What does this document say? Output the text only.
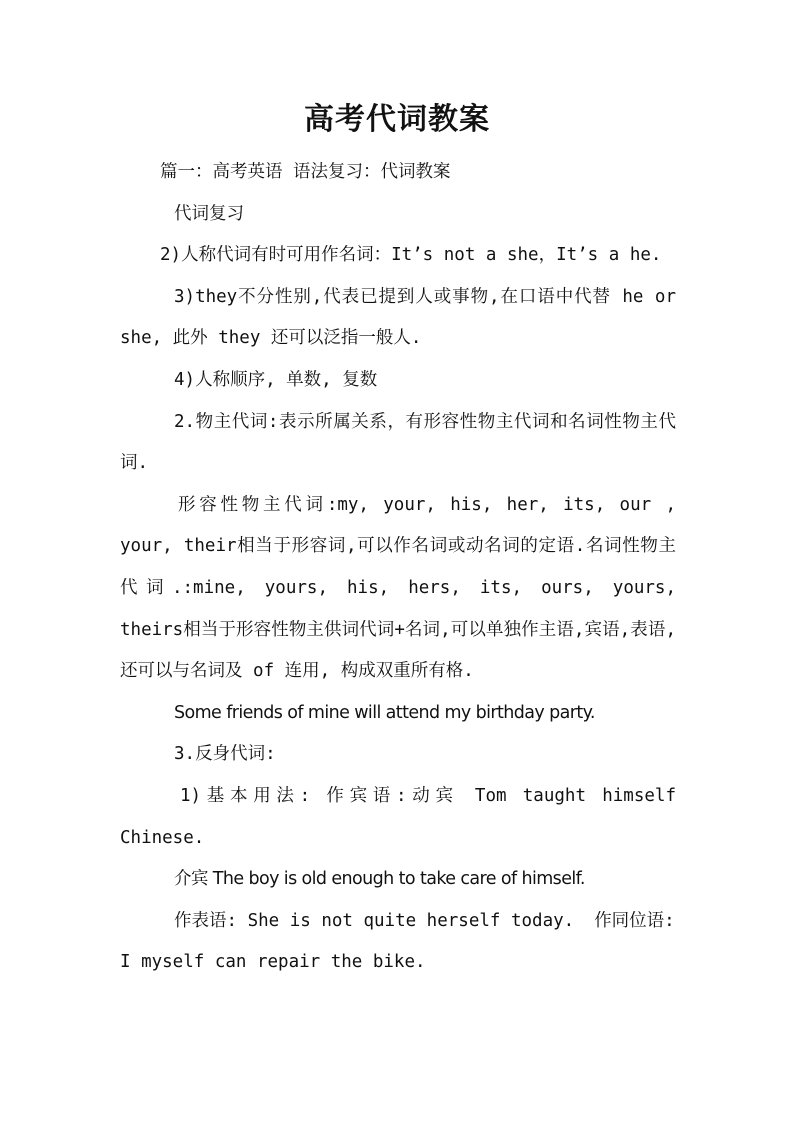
高考代词教案

篇一：高考英语 语法复习：代词教案

代词复习

2)人称代词有时可用作名词：It’s not a she，It’s a he.

3)they不分性别,代表已提到人或事物,在口语中代替 he or she, 此外 they 还可以泛指一般人.

4)人称顺序, 单数, 复数

2.物主代词:表示所属关系，有形容性物主代词和名词性物主代词.

形容性物主代词:my, your, his, her, its, our , your, their相当于形容词,可以作名词或动名词的定语.名词性物主代词.:mine, yours, his, hers, its, ours, yours, theirs相当于形容性物主供词代词+名词,可以单独作主语,宾语,表语, 还可以与名词及 of 连用, 构成双重所有格.

Some friends of mine will attend my birthday party.

3.反身代词:

1)基本用法: 作宾语:动宾 Tom taught himself Chinese.

介宾 The boy is old enough to take care of himself.

作表语: She is not quite herself today. 作同位语: I myself can repair the bike.
